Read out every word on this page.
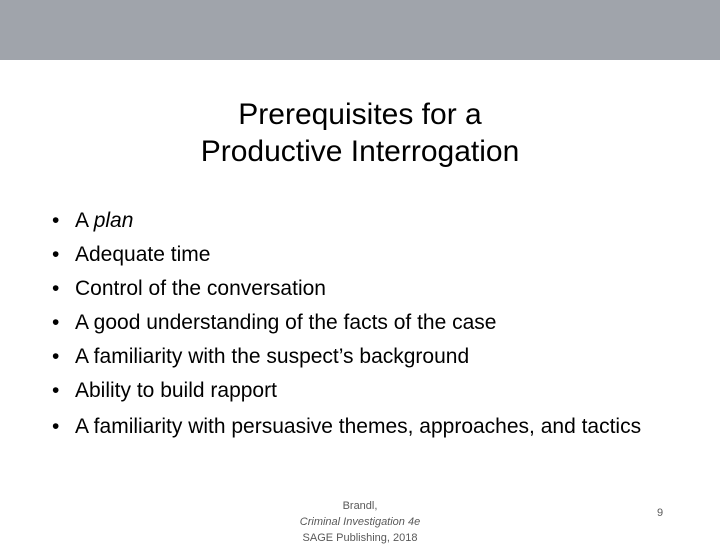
Prerequisites for a
Productive Interrogation
• A plan
• Adequate time
• Control of the conversation
• A good understanding of the facts of the case
• A familiarity with the suspect’s background
• Ability to build rapport
• A familiarity with persuasive themes, approaches, and tactics
Brandl,
Criminal Investigation 4e
SAGE Publishing, 2018
9
